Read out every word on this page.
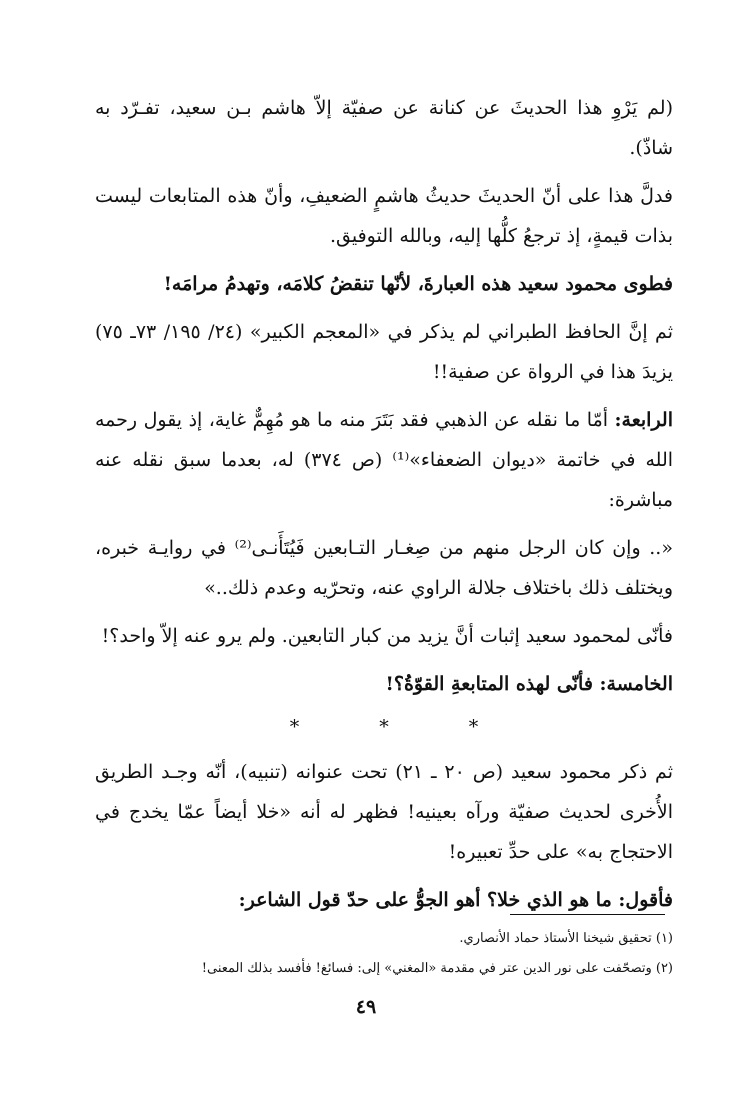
(لم يَرْوِ هذا الحديثَ عن كنانة عن صفيّة إلاّ هاشم بـن سعيد، تفـرّد به شاذّ).

فدلَّ هذا على أنّ الحديثَ حديثُ هاشمٍ الضعيفِ، وأنّ هذه المتابعات ليست بذات قيمةٍ، إذ ترجعُ كلُّها إليه، وبالله التوفيق.

فطوى محمود سعيد هذه العبارةَ، لأنّها تنقضُ كلامَه، وتهدمُ مرامَه!

ثم إنَّ الحافظ الطبراني لم يذكر في «المعجم الكبير» (٢٤/ ١٩٥/ ٧٣ـ ٧٥) يزيدَ هذا في الرواة عن صفية!!

الرابعة: أمّا ما نقله عن الذهبي فقد بَتَرَ منه ما هو مُهِمٌّ غاية، إذ يقول رحمه الله في خاتمة «ديوان الضعفاء»⁽¹⁾ (ص ٣٧٤) له، بعدما سبق نقله عنه مباشرة:

«.. وإن كان الرجل منهم من صِغـار التـابعين فَيُتَأَنـى⁽²⁾ في روايـة خبره، ويختلف ذلك باختلاف جلالة الراوي عنه، وتحرّيه وعدم ذلك..»

فأنّى لمحمود سعيد إثبات أنَّ يزيد من كبار التابعين. ولم يرو عنه إلاّ واحد؟!

الخامسة: فأنّى لهذه المتابعةِ القوّةُ؟!

*	*	*

ثم ذكر محمود سعيد (ص ٢٠ ـ ٢١) تحت عنوانه (تنبيه)، أنّه وجـد الطريق الأُخرى لحديث صفيّة ورآه بعينيه! فظهر له أنه «خلا أيضاً عمّا يخدج في الاحتجاج به» على حدِّ تعبيره!

فأقول: ما هو الذي خلا؟ أهو الجوُّ على حدّ قول الشاعر:

(١) تحقيق شيخنا الأستاذ حماد الأنصاري.

(٢) وتصحّفت على نور الدين عتر في مقدمة «المغني» إلى: فسائغ! فأفسد بذلك المعنى!

٤٩
